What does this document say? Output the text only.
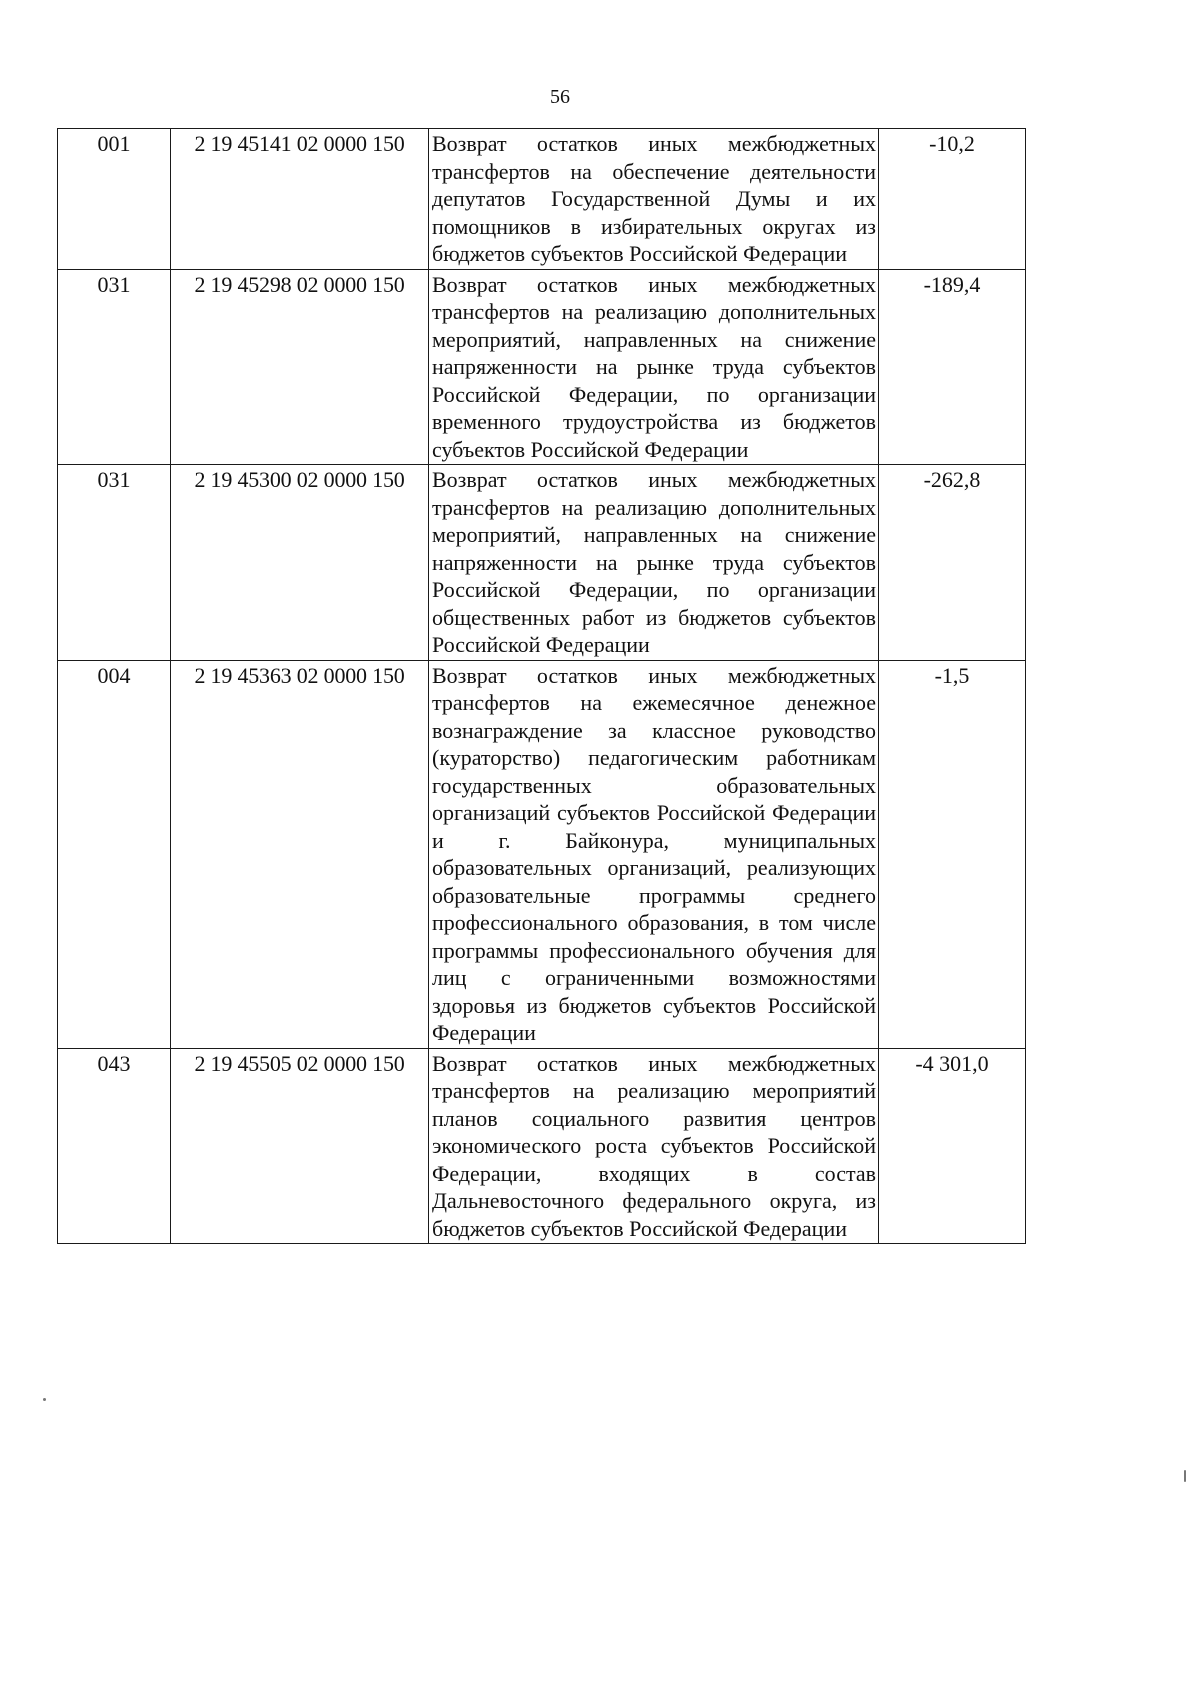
56
001	2 19 45141 02 0000 150	Возврат остатков иных межбюджетных трансфертов на обеспечение деятельности депутатов Государственной Думы и их помощников в избирательных округах из бюджетов субъектов Российской Федерации	-10,2
031	2 19 45298 02 0000 150	Возврат остатков иных межбюджетных трансфертов на реализацию дополнительных мероприятий, направленных на снижение напряженности на рынке труда субъектов Российской Федерации, по организации временного трудоустройства из бюджетов субъектов Российской Федерации	-189,4
031	2 19 45300 02 0000 150	Возврат остатков иных межбюджетных трансфертов на реализацию дополнительных мероприятий, направленных на снижение напряженности на рынке труда субъектов Российской Федерации, по организации общественных работ из бюджетов субъектов Российской Федерации	-262,8
004	2 19 45363 02 0000 150	Возврат остатков иных межбюджетных трансфертов на ежемесячное денежное вознаграждение за классное руководство (кураторство) педагогическим работникам государственных образовательных организаций субъектов Российской Федерации и г. Байконура, муниципальных образовательных организаций, реализующих образовательные программы среднего профессионального образования, в том числе программы профессионального обучения для лиц с ограниченными возможностями здоровья из бюджетов субъектов Российской Федерации	-1,5
043	2 19 45505 02 0000 150	Возврат остатков иных межбюджетных трансфертов на реализацию мероприятий планов социального развития центров экономического роста субъектов Российской Федерации, входящих в состав Дальневосточного федерального округа, из бюджетов субъектов Российской Федерации	-4 301,0
